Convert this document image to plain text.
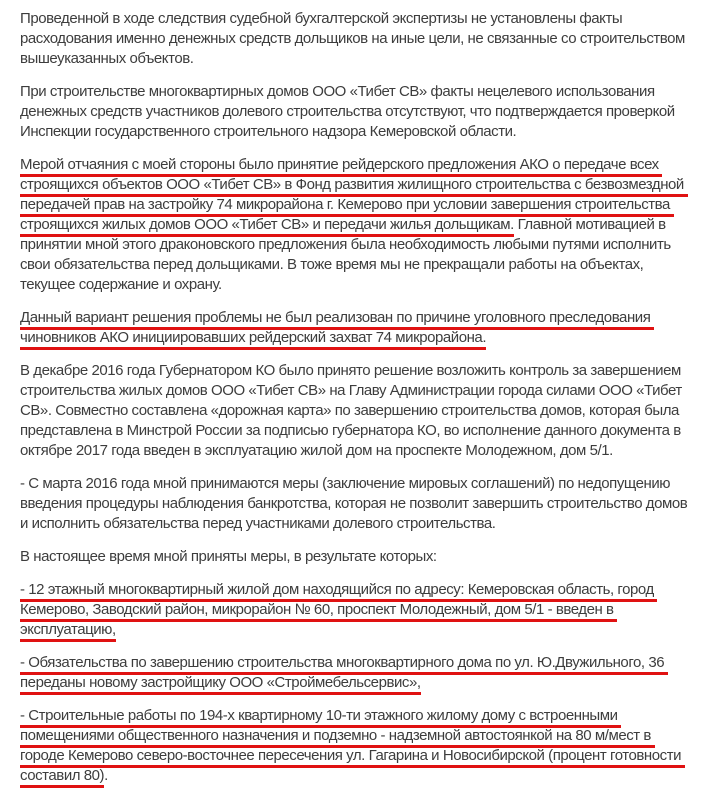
Проведенной в ходе следствия судебной бухгалтерской экспертизы не установлены факты расходования именно денежных средств дольщиков на иные цели, не связанные со строительством вышеуказанных объектов.

При строительстве многоквартирных домов ООО «Тибет СВ» факты нецелевого использования денежных средств участников долевого строительства отсутствуют, что подтверждается проверкой Инспекции государственного строительного надзора Кемеровской области.

Мерой отчаяния с моей стороны было принятие рейдерского предложения АКО о передаче всех строящихся объектов ООО «Тибет СВ» в Фонд развития жилищного строительства с безвозмездной передачей прав на застройку 74 микрорайона г. Кемерово при условии завершения строительства строящихся жилых домов ООО «Тибет СВ» и передачи жилья дольщикам. Главной мотивацией в принятии мной этого драконовского предложения была необходимость любыми путями исполнить свои обязательства перед дольщиками. В тоже время мы не прекращали работы на объектах, текущее содержание и охрану.

Данный вариант решения проблемы не был реализован по причине уголовного преследования чиновников АКО инициировавших рейдерский захват 74 микрорайона.

В декабре 2016 года Губернатором КО было принято решение возложить контроль за завершением строительства жилых домов ООО «Тибет СВ» на Главу Администрации города силами ООО «Тибет СВ». Совместно составлена «дорожная карта» по завершению строительства домов, которая была представлена в Минстрой России за подписью губернатора КО, во исполнение данного документа в октябре 2017 года введен в эксплуатацию жилой дом на проспекте Молодежном, дом 5/1.

- С марта 2016 года мной принимаются меры (заключение мировых соглашений) по недопущению введения процедуры наблюдения банкротства, которая не позволит завершить строительство домов и исполнить обязательства перед участниками долевого строительства.

В настоящее время мной приняты меры, в результате которых:

- 12 этажный многоквартирный жилой дом находящийся по адресу: Кемеровская область, город Кемерово, Заводский район, микрорайон № 60, проспект Молодежный, дом 5/1 - введен в эксплуатацию,

- Обязательства по завершению строительства многоквартирного дома по ул. Ю.Двужильного, 36 переданы новому застройщику ООО «Строймебельсервис»,

- Строительные работы по 194-х квартирному 10-ти этажного жилому дому с встроенными помещениями общественного назначения и подземно - надземной автостоянкой на 80 м/мест в городе Кемерово северо-восточнее пересечения ул. Гагарина и Новосибирской (процент готовности составил 80).
